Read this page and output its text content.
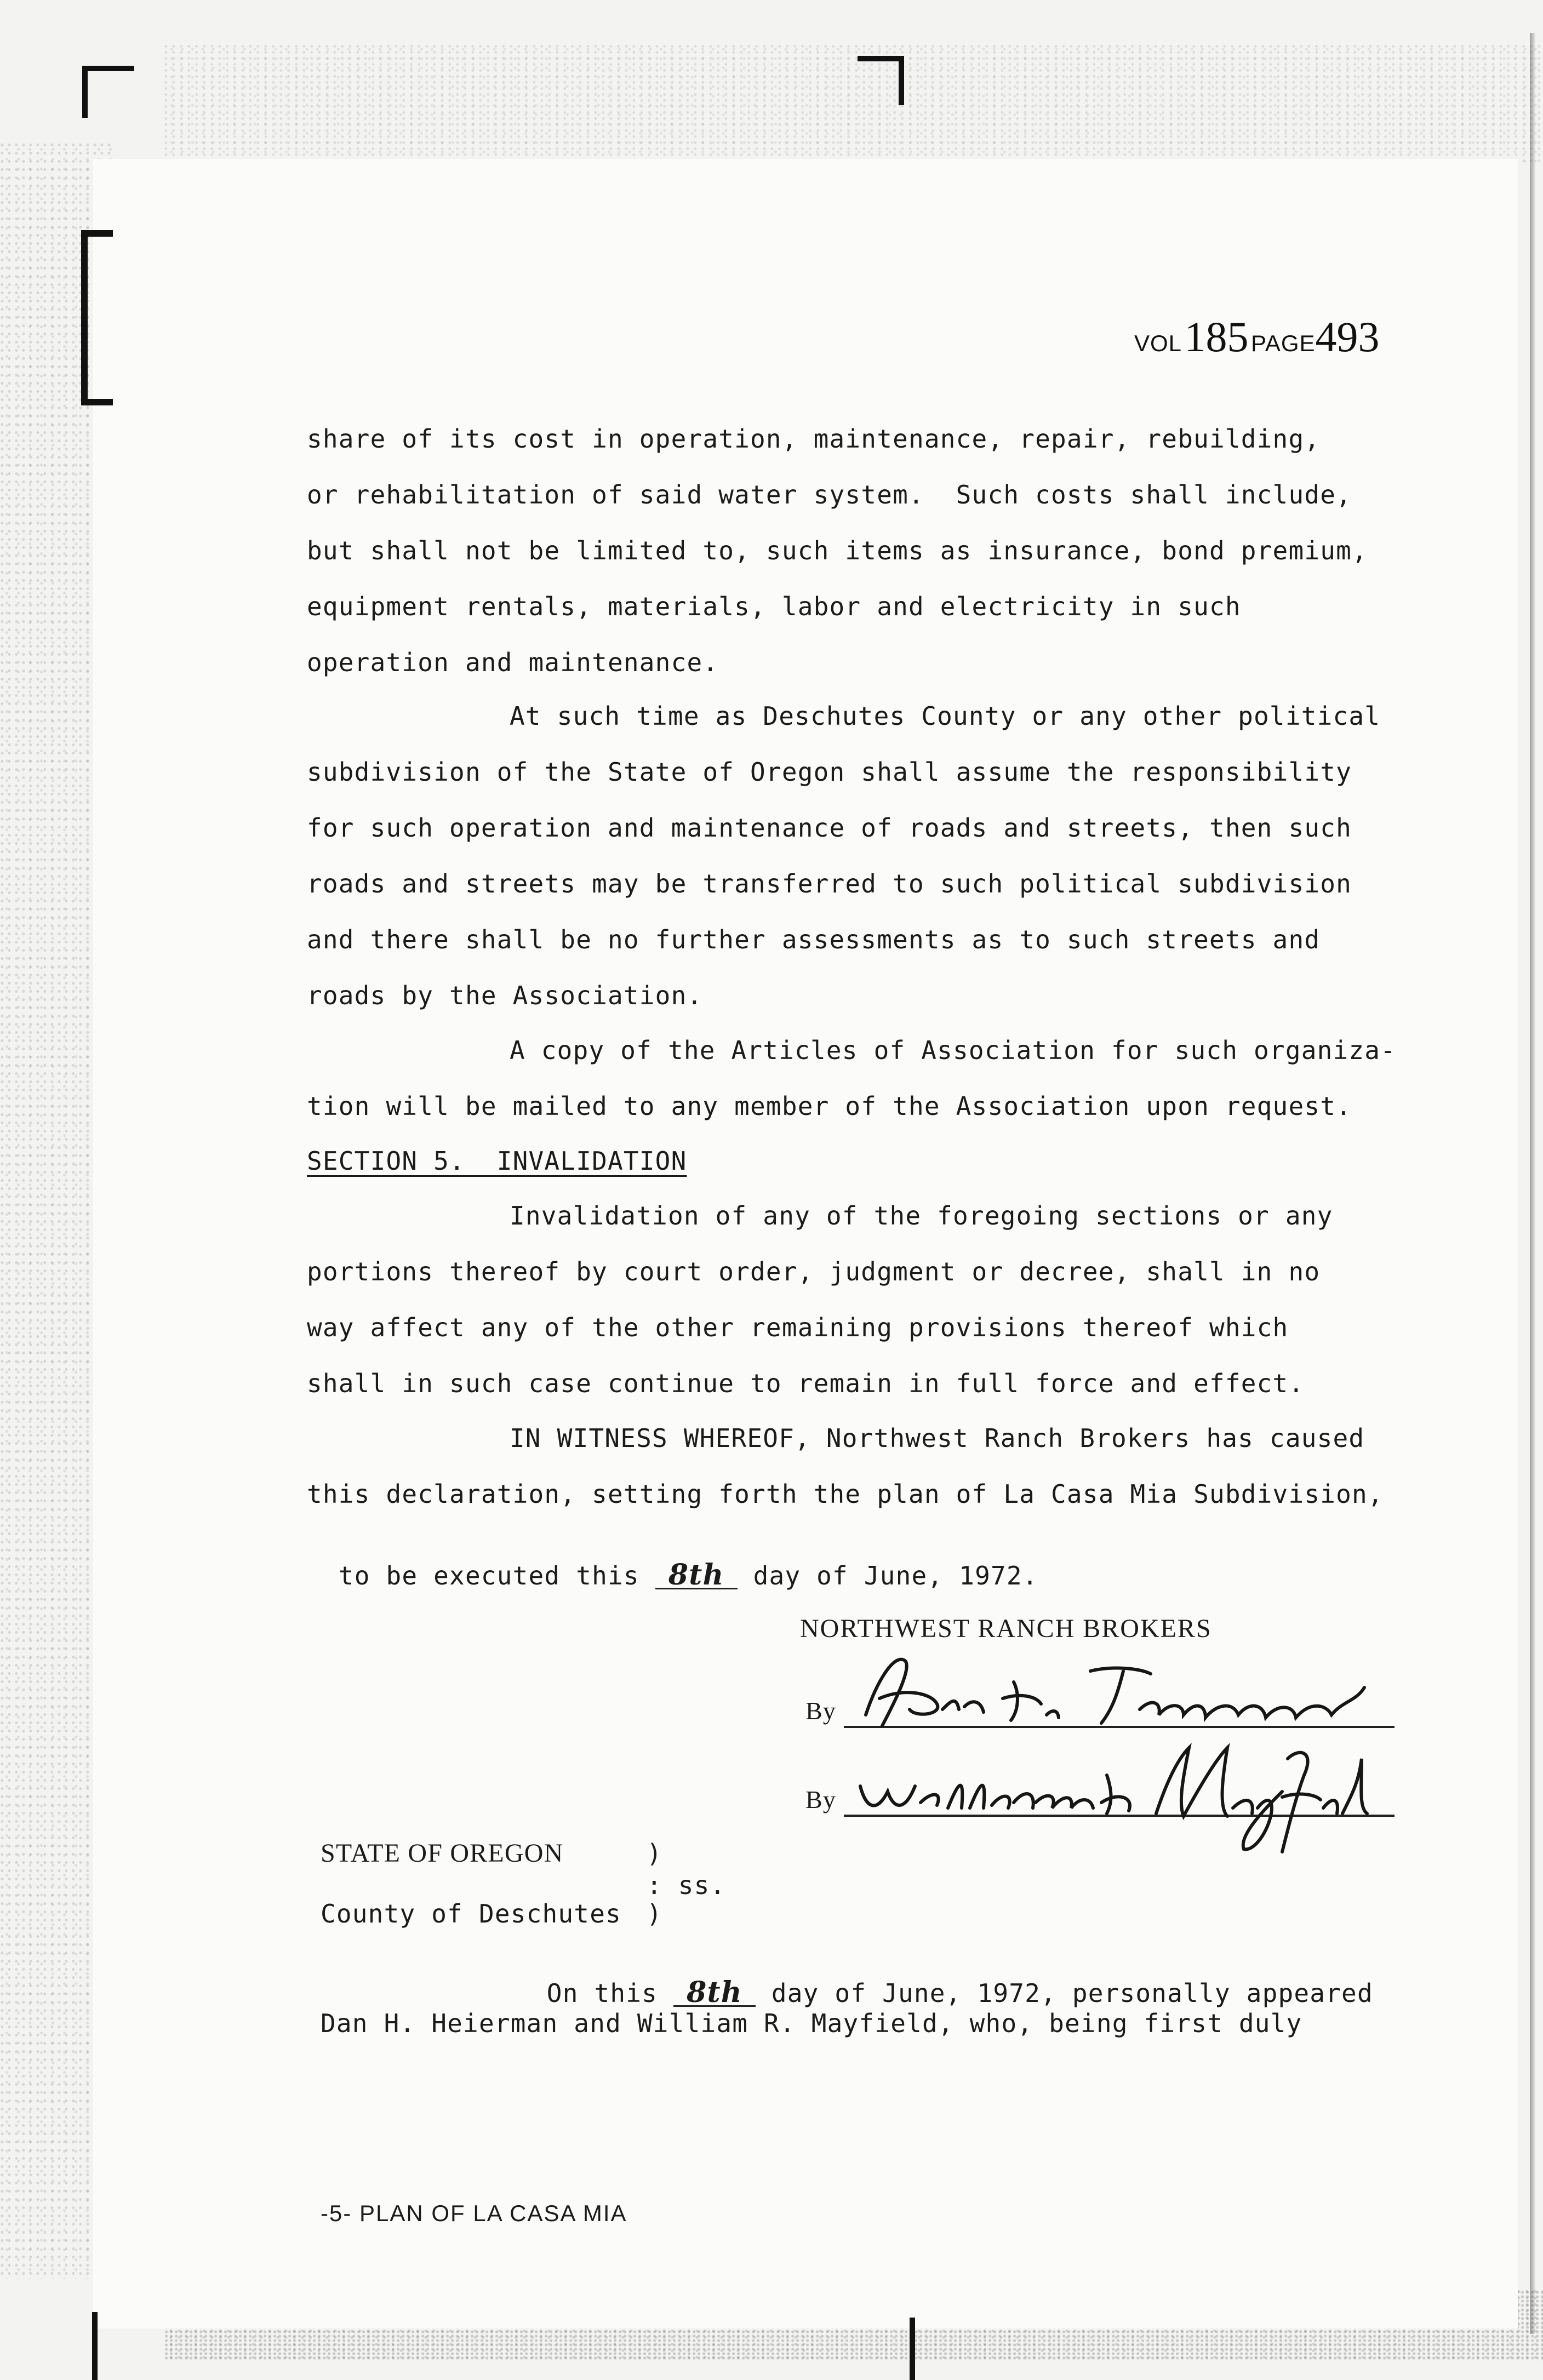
VOL 185 PAGE493
share of its cost in operation, maintenance, repair, rebuilding,
or rehabilitation of said water system.  Such costs shall include,
but shall not be limited to, such items as insurance, bond premium,
equipment rentals, materials, labor and electricity in such
operation and maintenance.
At such time as Deschutes County or any other political
subdivision of the State of Oregon shall assume the responsibility
for such operation and maintenance of roads and streets, then such
roads and streets may be transferred to such political subdivision
and there shall be no further assessments as to such streets and
roads by the Association.
A copy of the Articles of Association for such organiza-
tion will be mailed to any member of the Association upon request.
SECTION 5.  INVALIDATION
Invalidation of any of the foregoing sections or any
portions thereof by court order, judgment or decree, shall in no
way affect any of the other remaining provisions thereof which
shall in such case continue to remain in full force and effect.
IN WITNESS WHEREOF, Northwest Ranch Brokers has caused
this declaration, setting forth the plan of La Casa Mia Subdivision,

to be executed this 8th day of June, 1972.

NORTHWEST RANCH BROKERS
By
By
STATE OF OREGON	)
: ss.
County of Deschutes )

On this 8th day of June, 1972, personally appeared

Dan H. Heierman and William R. Mayfield, who, being first duly
-5- PLAN OF LA CASA MIA
